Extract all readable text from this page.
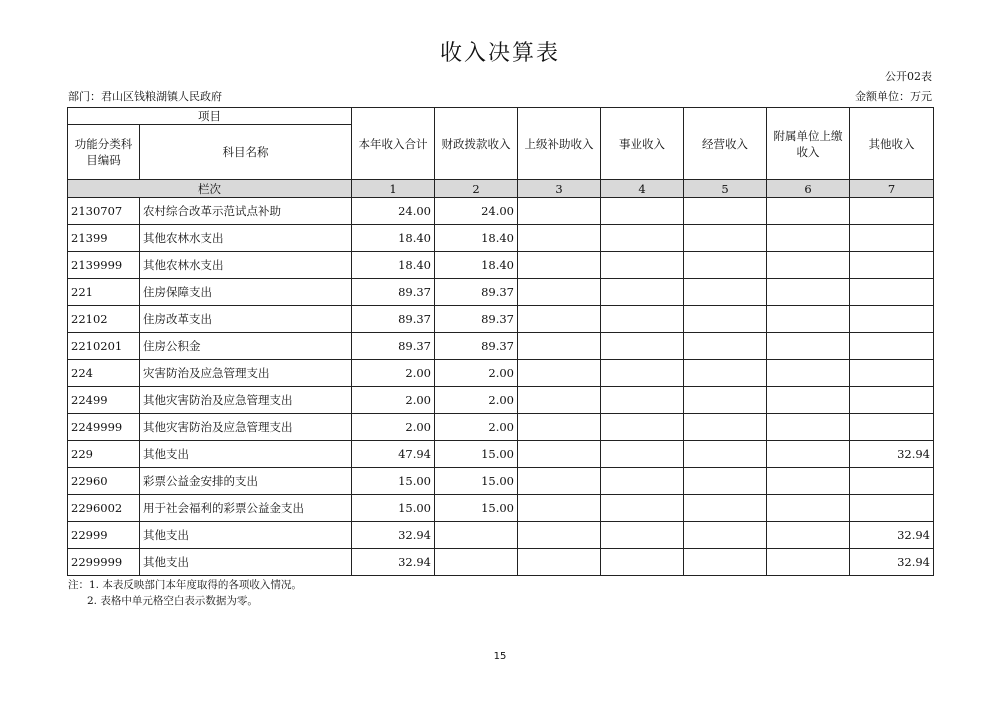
收入决算表
公开02表
部门：君山区钱粮湖镇人民政府	金额单位：万元
项目		本年收入合计	财政拨款收入	上级补助收入	事业收入	经营收入	附属单位上缴收入	其他收入
功能分类科目编码	科目名称							
栏次		1	2	3	4	5	6	7
2130707	农村综合改革示范试点补助	24.00	24.00					
21399	其他农林水支出	18.40	18.40					
2139999	其他农林水支出	18.40	18.40					
221	住房保障支出	89.37	89.37					
22102	住房改革支出	89.37	89.37					
2210201	住房公积金	89.37	89.37					
224	灾害防治及应急管理支出	2.00	2.00					
22499	其他灾害防治及应急管理支出	2.00	2.00					
2249999	其他灾害防治及应急管理支出	2.00	2.00					
229	其他支出	47.94	15.00					32.94
22960	彩票公益金安排的支出	15.00	15.00					
2296002	用于社会福利的彩票公益金支出	15.00	15.00					
22999	其他支出	32.94						32.94
2299999	其他支出	32.94						32.94
注：1. 本表反映部门本年度取得的各项收入情况。
2. 表格中单元格空白表示数据为零。
15
